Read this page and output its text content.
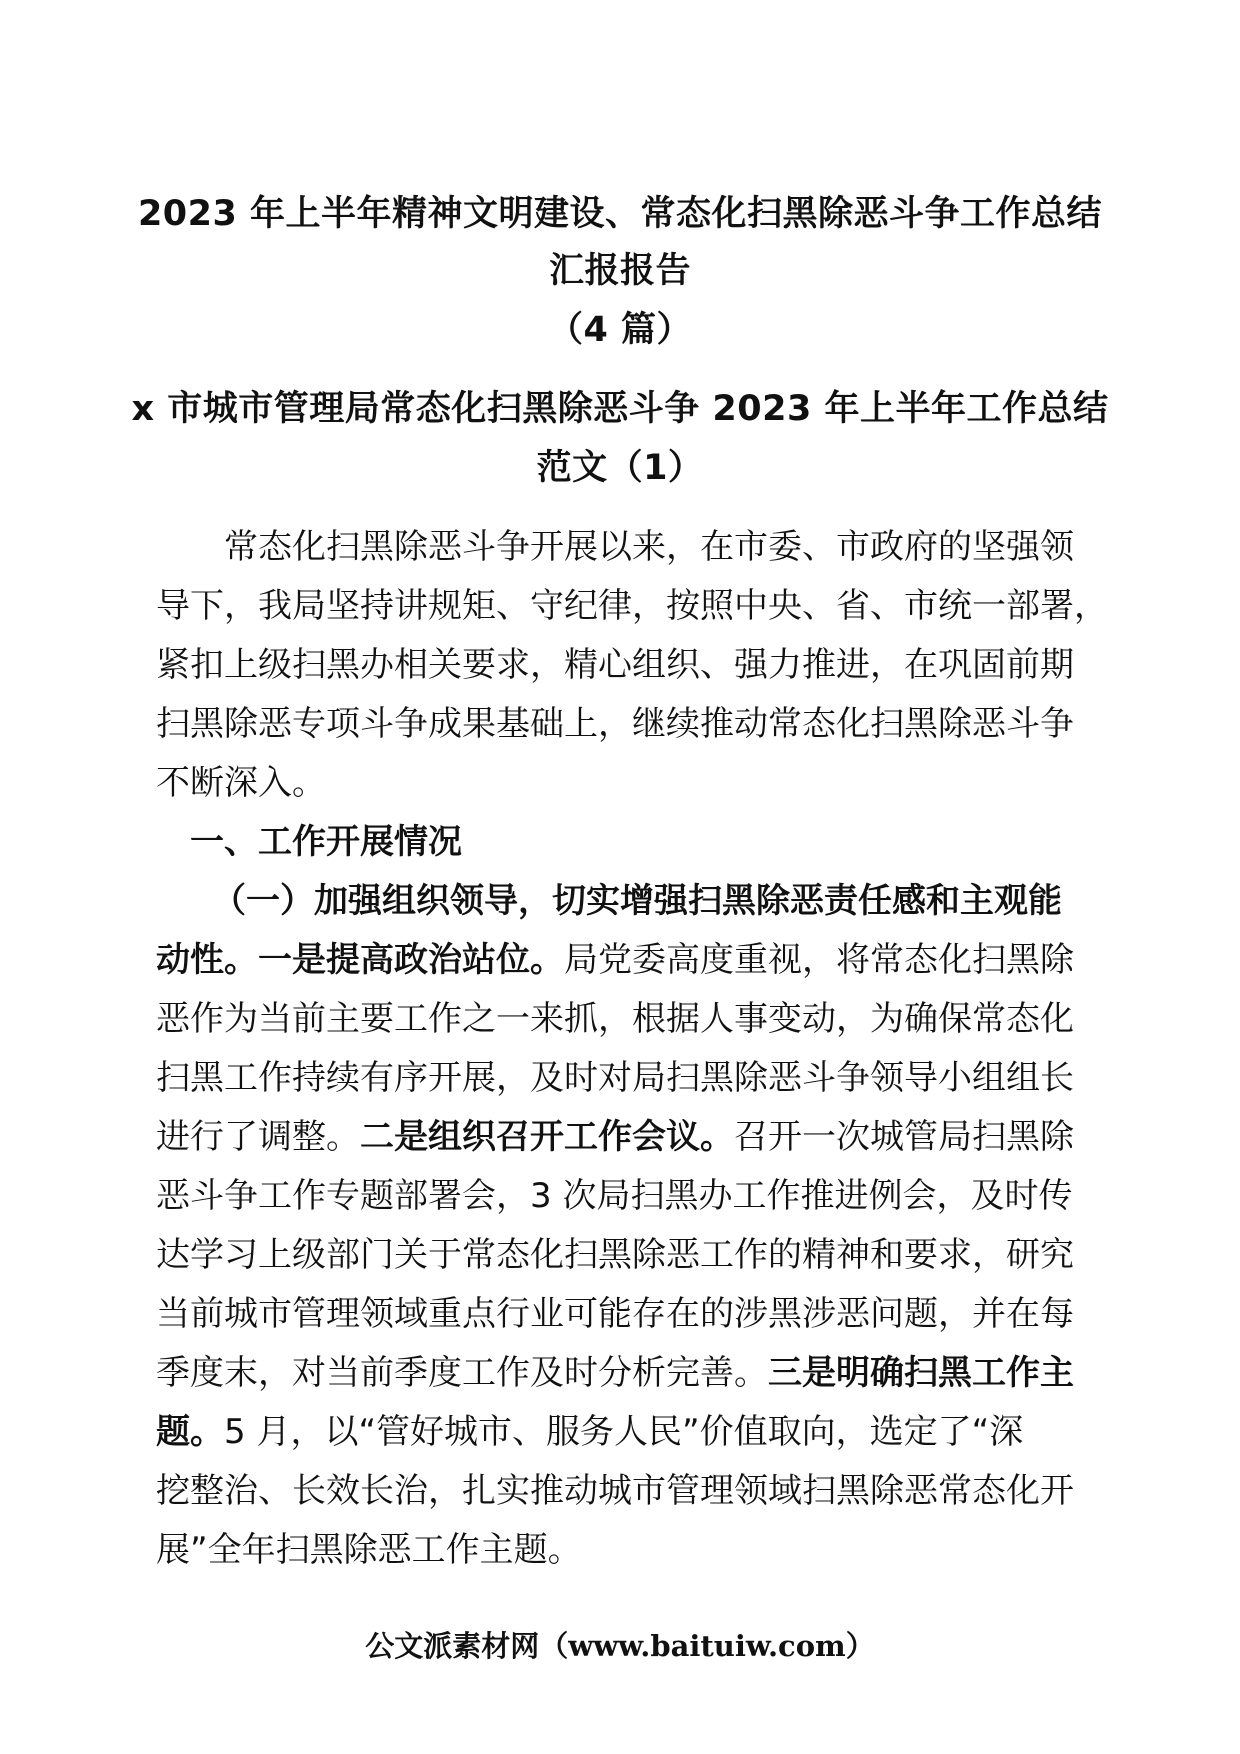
2023 年上半年精神文明建设、常态化扫黑除恶斗争工作总结
汇报报告
（4 篇）
x 市城市管理局常态化扫黑除恶斗争 2023 年上半年工作总结
范文（1）
常态化扫黑除恶斗争开展以来，在市委、市政府的坚强领
导下，我局坚持讲规矩、守纪律，按照中央、省、市统一部署，
紧扣上级扫黑办相关要求，精心组织、强力推进，在巩固前期
扫黑除恶专项斗争成果基础上，继续推动常态化扫黑除恶斗争
不断深入。
一、工作开展情况
（一）加强组织领导，切实增强扫黑除恶责任感和主观能
动性。一是提高政治站位。局党委高度重视，将常态化扫黑除
恶作为当前主要工作之一来抓，根据人事变动，为确保常态化
扫黑工作持续有序开展，及时对局扫黑除恶斗争领导小组组长
进行了调整。二是组织召开工作会议。召开一次城管局扫黑除
恶斗争工作专题部署会，3 次局扫黑办工作推进例会，及时传
达学习上级部门关于常态化扫黑除恶工作的精神和要求，研究
当前城市管理领域重点行业可能存在的涉黑涉恶问题，并在每
季度末，对当前季度工作及时分析完善。三是明确扫黑工作主
题。5 月，以“管好城市、服务人民”价值取向，选定了“深
挖整治、长效长治，扎实推动城市管理领域扫黑除恶常态化开
展”全年扫黑除恶工作主题。
公文派素材网（www.baituiw.com）
